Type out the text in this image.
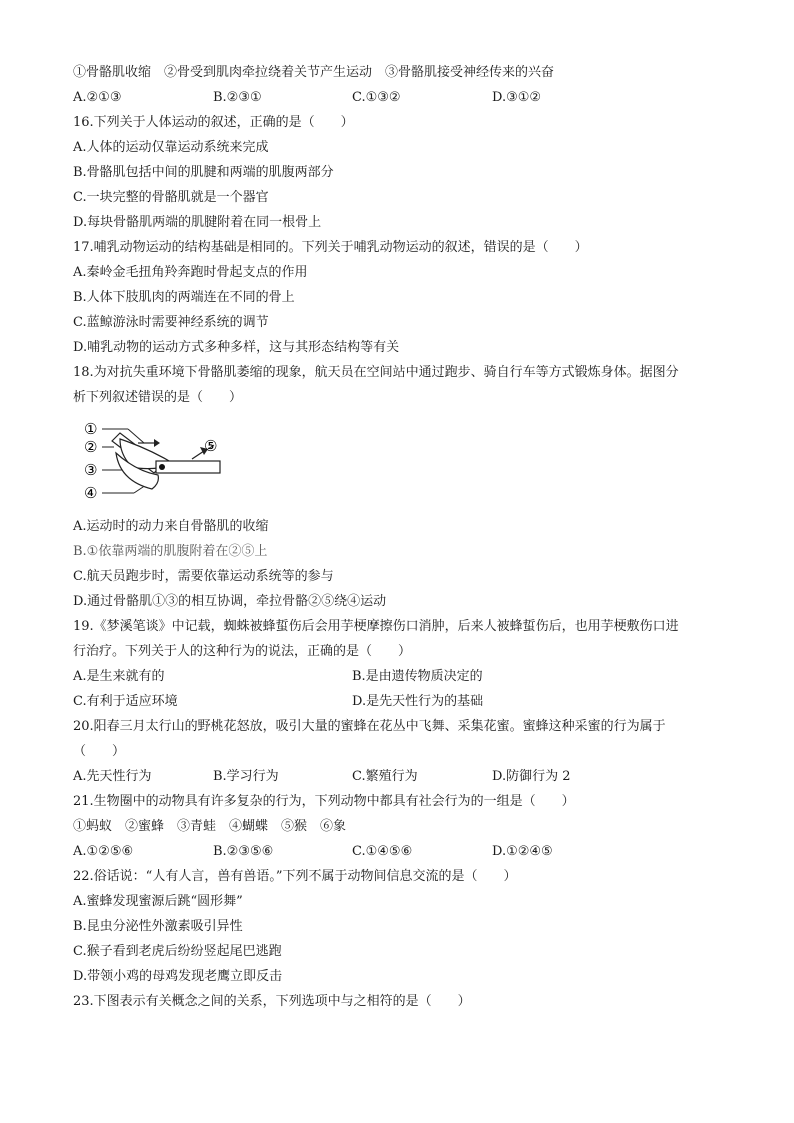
①骨骼肌收缩　②骨受到肌肉牵拉绕着关节产生运动　③骨骼肌接受神经传来的兴奋
A.②①③	B.②③①	C.①③②	D.③①②
16.下列关于人体运动的叙述，正确的是（　　）
A.人体的运动仅靠运动系统来完成
B.骨骼肌包括中间的肌腱和两端的肌腹两部分
C.一块完整的骨骼肌就是一个器官
D.每块骨骼肌两端的肌腱附着在同一根骨上
17.哺乳动物运动的结构基础是相同的。下列关于哺乳动物运动的叙述，错误的是（　　）
A.秦岭金毛扭角羚奔跑时骨起支点的作用
B.人体下肢肌肉的两端连在不同的骨上
C.蓝鲸游泳时需要神经系统的调节
D.哺乳动物的运动方式多种多样，这与其形态结构等有关
18.为对抗失重环境下骨骼肌萎缩的现象，航天员在空间站中通过跑步、骑自行车等方式锻炼身体。据图分
析下列叙述错误的是（　　）
①
②
③
④
⑤
A.运动时的动力来自骨骼肌的收缩
B.①依靠两端的肌腹附着在②⑤上
C.航天员跑步时，需要依靠运动系统等的参与
D.通过骨骼肌①③的相互协调，牵拉骨骼②⑤绕④运动
19.《梦溪笔谈》中记载，蜘蛛被蜂蜇伤后会用芋梗摩擦伤口消肿，后来人被蜂蜇伤后，也用芋梗敷伤口进
行治疗。下列关于人的这种行为的说法，正确的是（　　）
A.是生来就有的	B.是由遗传物质决定的
C.有利于适应环境	D.是先天性行为的基础
20.阳春三月太行山的野桃花怒放，吸引大量的蜜蜂在花丛中飞舞、采集花蜜。蜜蜂这种采蜜的行为属于
（　　）
A.先天性行为	B.学习行为	C.繁殖行为	D.防御行为 2
21.生物圈中的动物具有许多复杂的行为，下列动物中都具有社会行为的一组是（　　）
①蚂蚁　②蜜蜂　③青蛙　④蝴蝶　⑤猴　⑥象
A.①②⑤⑥	B.②③⑤⑥	C.①④⑤⑥	D.①②④⑤
22.俗话说：“人有人言，兽有兽语。”下列不属于动物间信息交流的是（　　）
A.蜜蜂发现蜜源后跳“圆形舞”
B.昆虫分泌性外激素吸引异性
C.猴子看到老虎后纷纷竖起尾巴逃跑
D.带领小鸡的母鸡发现老鹰立即反击
23.下图表示有关概念之间的关系，下列选项中与之相符的是（　　）
